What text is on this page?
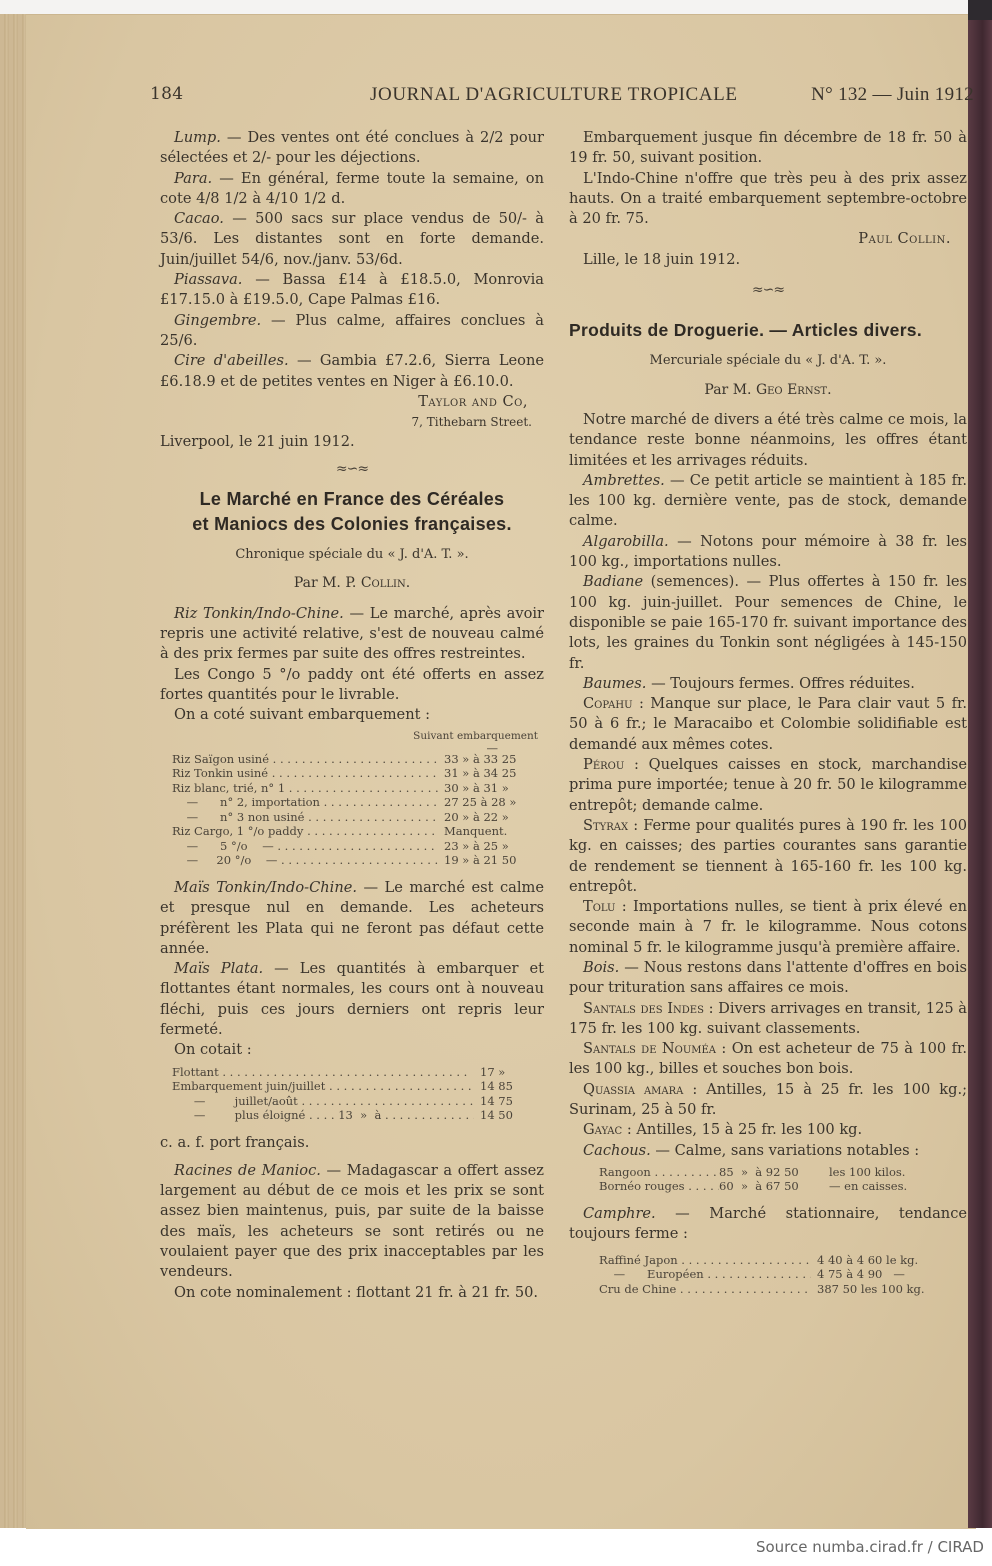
184	JOURNAL D'AGRICULTURE TROPICALE	N° 132 — Juin 1912

Lump. — Des ventes ont été conclues à 2/2 pour sélectées et 2/- pour les déjections.

Para. — En général, ferme toute la semaine, on cote 4/8 1/2 à 4/10 1/2 d.

Cacao. — 500 sacs sur place vendus de 50/- à 53/6. Les distantes sont en forte demande. Juin/juillet 54/6, nov./janv. 53/6d.

Piassava. — Bassa £14 à £18.5.0, Monrovia £17.15.0 à £19.5.0, Cape Palmas £16.

Gingembre. — Plus calme, affaires conclues à 25/6.

Cire d'abeilles. — Gambia £7.2.6, Sierra Leone £6.18.9 et de petites ventes en Niger à £6.10.0.

Taylor and Co,

7, Tithebarn Street.

Liverpool, le 21 juin 1912.

≈∽≈
Le Marché en France des Céréales
et Maniocs des Colonies françaises.
Chronique spéciale du « J. d'A. T. ».
Par M. P. Collin.

Riz Tonkin/Indo-Chine. — Le marché, après avoir repris une activité relative, s'est de nouveau calmé à des prix fermes par suite des offres restreintes.

Les Congo 5 °/o paddy ont été offerts en assez fortes quantités pour le livrable.

On a coté suivant embarquement :

Suivant embarquement
—
Riz Saïgon usiné . . .	33 » à 33 25
Riz Tonkin usiné . . .	31 » à 34 25
Riz blanc, trié, n° 1 . . .	30 » à 31 »
—      n° 2, importation . . .	27 25 à 28 »
—      n° 3 non usiné . . .	20 » à 22 »
Riz Cargo, 1 °/o paddy . . .	Manquent.
—      5 °/o    — . . .	23 » à 25 »
—     20 °/o    — . . .	19 » à 21 50

Maïs Tonkin/Indo-Chine. — Le marché est calme et presque nul en demande. Les acheteurs préfèrent les Plata qui ne feront pas défaut cette année.

Maïs Plata. — Les quantités à embarquer et flottantes étant normales, les cours ont à nouveau fléchi, puis ces jours derniers ont repris leur fermeté.

On cotait :

Flottant . . .	17 »
Embarquement juin/juillet . . .	14 85
—        juillet/août . . .	14 75
—        plus éloigné . . . . 13  »  à . . .	14 50

c. a. f. port français.

Racines de Manioc. — Madagascar a offert assez largement au début de ce mois et les prix se sont assez bien maintenus, puis, par suite de la baisse des maïs, les acheteurs se sont retirés ou ne voulaient payer que des prix inacceptables par les vendeurs.

On cote nominalement : flottant 21 fr. à 21 fr. 50.

Embarquement jusque fin décembre de 18 fr. 50 à 19 fr. 50, suivant position.

L'Indo-Chine n'offre que très peu à des prix assez hauts. On a traité embarquement septembre-octobre à 20 fr. 75.

Paul Collin.

Lille, le 18 juin 1912.

≈∽≈
Produits de Droguerie. — Articles divers.
Mercuriale spéciale du « J. d'A. T. ».
Par M. Geo Ernst.

Notre marché de divers a été très calme ce mois, la tendance reste bonne néanmoins, les offres étant limitées et les arrivages réduits.

Ambrettes. — Ce petit article se maintient à 185 fr. les 100 kg. dernière vente, pas de stock, demande calme.

Algarobilla. — Notons pour mémoire à 38 fr. les 100 kg., importations nulles.

Badiane (semences). — Plus offertes à 150 fr. les 100 kg. juin-juillet. Pour semences de Chine, le disponible se paie 165-170 fr. suivant importance des lots, les graines du Tonkin sont négligées à 145-150 fr.

Baumes. — Toujours fermes. Offres réduites.

Copahu : Manque sur place, le Para clair vaut 5 fr. 50 à 6 fr.; le Maracaibo et Colombie solidifiable est demandé aux mêmes cotes.

Pérou : Quelques caisses en stock, marchandise prima pure importée; tenue à 20 fr. 50 le kilogramme entrepôt; demande calme.

Styrax : Ferme pour qualités pures à 190 fr. les 100 kg. en caisses; des parties courantes sans garantie de rendement se tiennent à 165-160 fr. les 100 kg. entrepôt.

Tolu : Importations nulles, se tient à prix élevé en seconde main à 7 fr. le kilogramme. Nous cotons nominal 5 fr. le kilogramme jusqu'à première affaire.

Bois. — Nous restons dans l'attente d'offres en bois pour trituration sans affaires ce mois.

Santals des Indes : Divers arrivages en transit, 125 à 175 fr. les 100 kg. suivant classements.

Santals de Nouméa : On est acheteur de 75 à 100 fr. les 100 kg., billes et souches bon bois.

Quassia amara : Antilles, 15 à 25 fr. les 100 kg.; Surinam, 25 à 50 fr.

Gayac : Antilles, 15 à 25 fr. les 100 kg.

Cachous. — Calme, sans variations notables :

Rangoon . . .	85  »  à 92 50	les 100 kilos.
Bornéo rouges . . .	60  »  à 67 50	— en caisses.

Camphre. — Marché stationnaire, tendance toujours ferme :

Raffiné Japon . . .	4 40 à 4 60 le kg.
—      Européen . . .	4 75 à 4 90   —
Cru de Chine . . .	387 50 les 100 kg.
Source numba.cirad.fr / CIRAD
